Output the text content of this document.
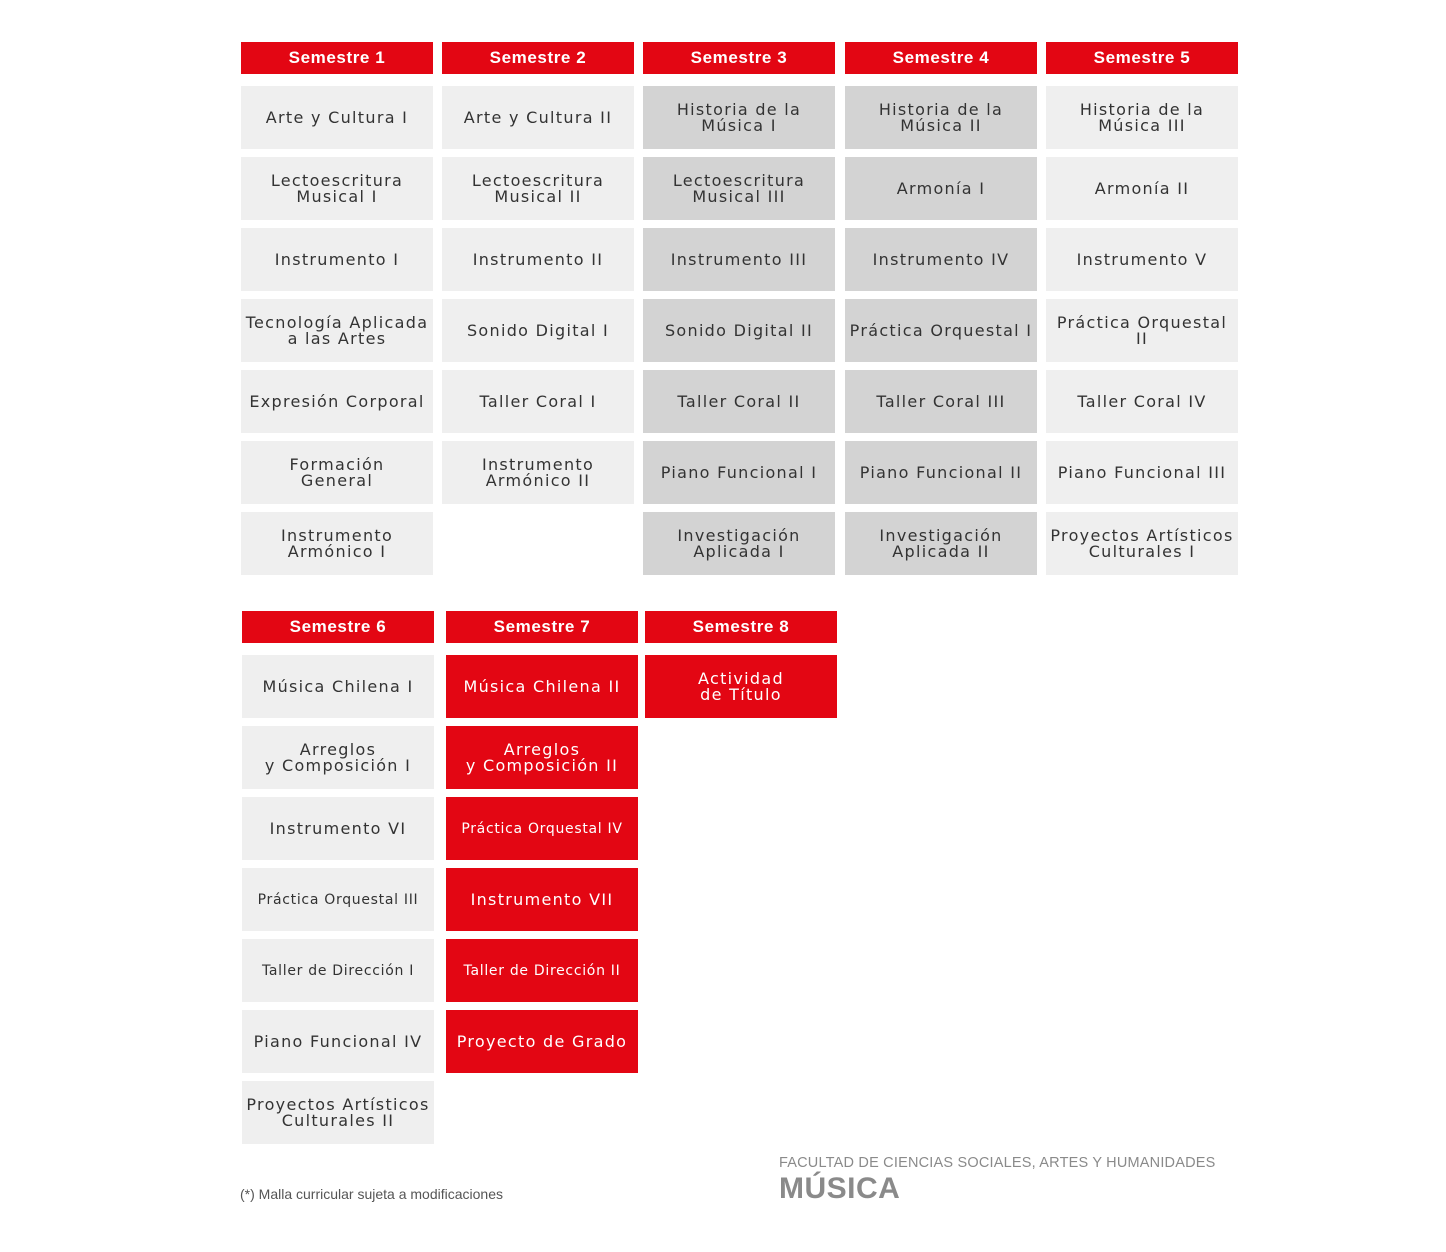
Semestre 1
Arte y Cultura I
Lectoescritura
Musical I
Instrumento I
Tecnología Aplicada
a las Artes
Expresión Corporal
Formación
General
Instrumento
Armónico I
Semestre 2
Arte y Cultura II
Lectoescritura
Musical II
Instrumento II
Sonido Digital I
Taller Coral I
Instrumento
Armónico II
Semestre 3
Historia de la
Música I
Lectoescritura
Musical III
Instrumento III
Sonido Digital II
Taller Coral II
Piano Funcional I
Investigación
Aplicada I
Semestre 4
Historia de la
Música II
Armonía I
Instrumento IV
Práctica Orquestal I
Taller Coral III
Piano Funcional II
Investigación
Aplicada II
Semestre 5
Historia de la
Música III
Armonía II
Instrumento V
Práctica Orquestal II
Taller Coral IV
Piano Funcional III
Proyectos Artísticos
Culturales I
Semestre 6
Música Chilena I
Arreglos
y Composición I
Instrumento VI
Práctica Orquestal III
Taller de Dirección I
Piano Funcional IV
Proyectos Artísticos
Culturales II
Semestre 7
Música Chilena II
Arreglos
y Composición II
Práctica Orquestal IV
Instrumento VII
Taller de Dirección II
Proyecto de Grado
Semestre 8
Actividad
de Título
(*) Malla curricular sujeta a modificaciones
FACULTAD DE CIENCIAS SOCIALES, ARTES Y HUMANIDADES
MÚSICA
